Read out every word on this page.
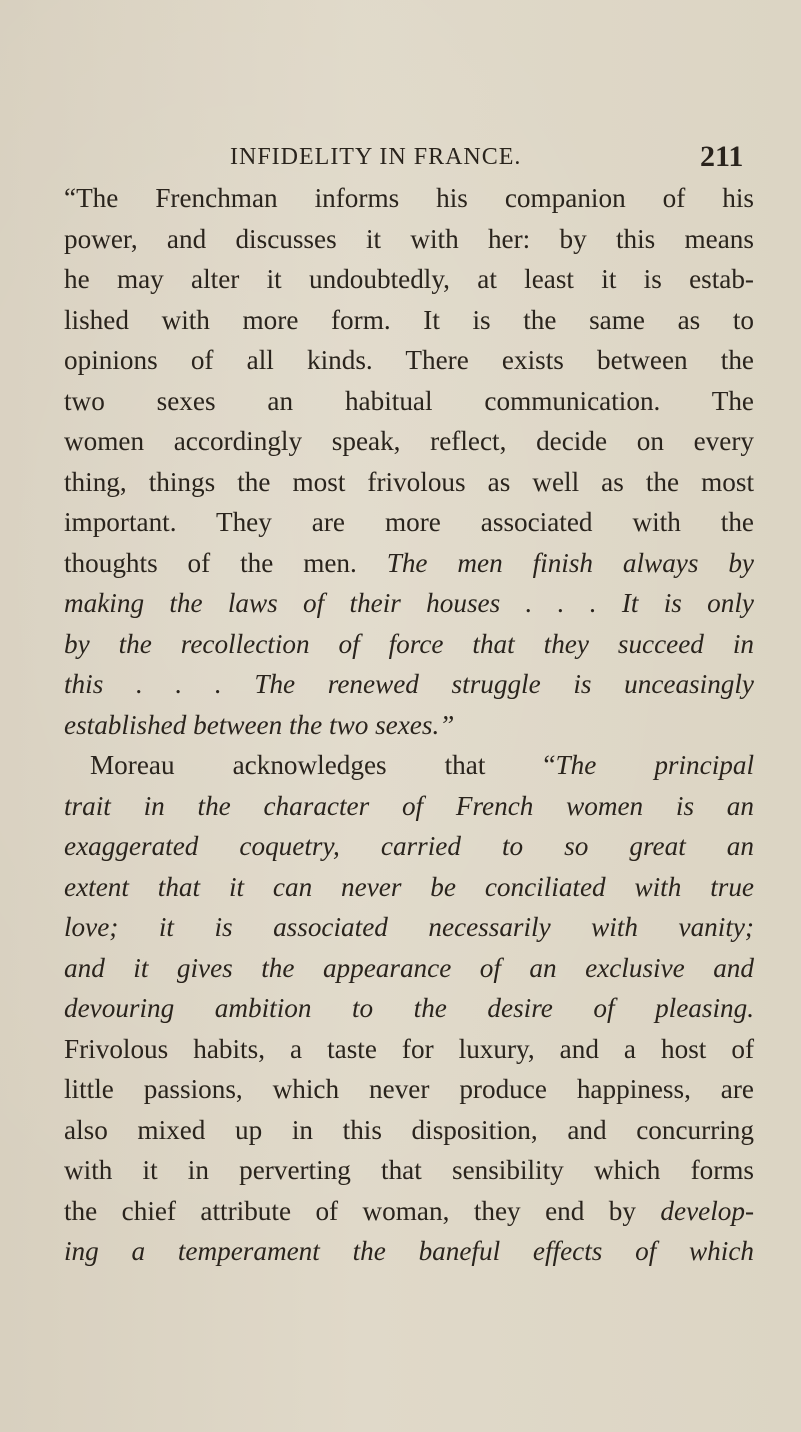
INFIDELITY IN FRANCE.	211
“The Frenchman informs his companion of his
power, and discusses it with her: by this means
he may alter it undoubtedly, at least it is estab-
lished with more form. It is the same as to
opinions of all kinds. There exists between the
two sexes an habitual communication. The
women accordingly speak, reflect, decide on every
thing, things the most frivolous as well as the most
important. They are more associated with the
thoughts of the men. The men finish always by
making the laws of their houses . . . It is only
by the recollection of force that they succeed in
this . . . The renewed struggle is unceasingly
established between the two sexes.”
Moreau acknowledges that “The principal
trait in the character of French women is an
exaggerated coquetry, carried to so great an
extent that it can never be conciliated with true
love; it is associated necessarily with vanity;
and it gives the appearance of an exclusive and
devouring ambition to the desire of pleasing.
Frivolous habits, a taste for luxury, and a host of
little passions, which never produce happiness, are
also mixed up in this disposition, and concurring
with it in perverting that sensibility which forms
the chief attribute of woman, they end by develop-
ing a temperament the baneful effects of which
